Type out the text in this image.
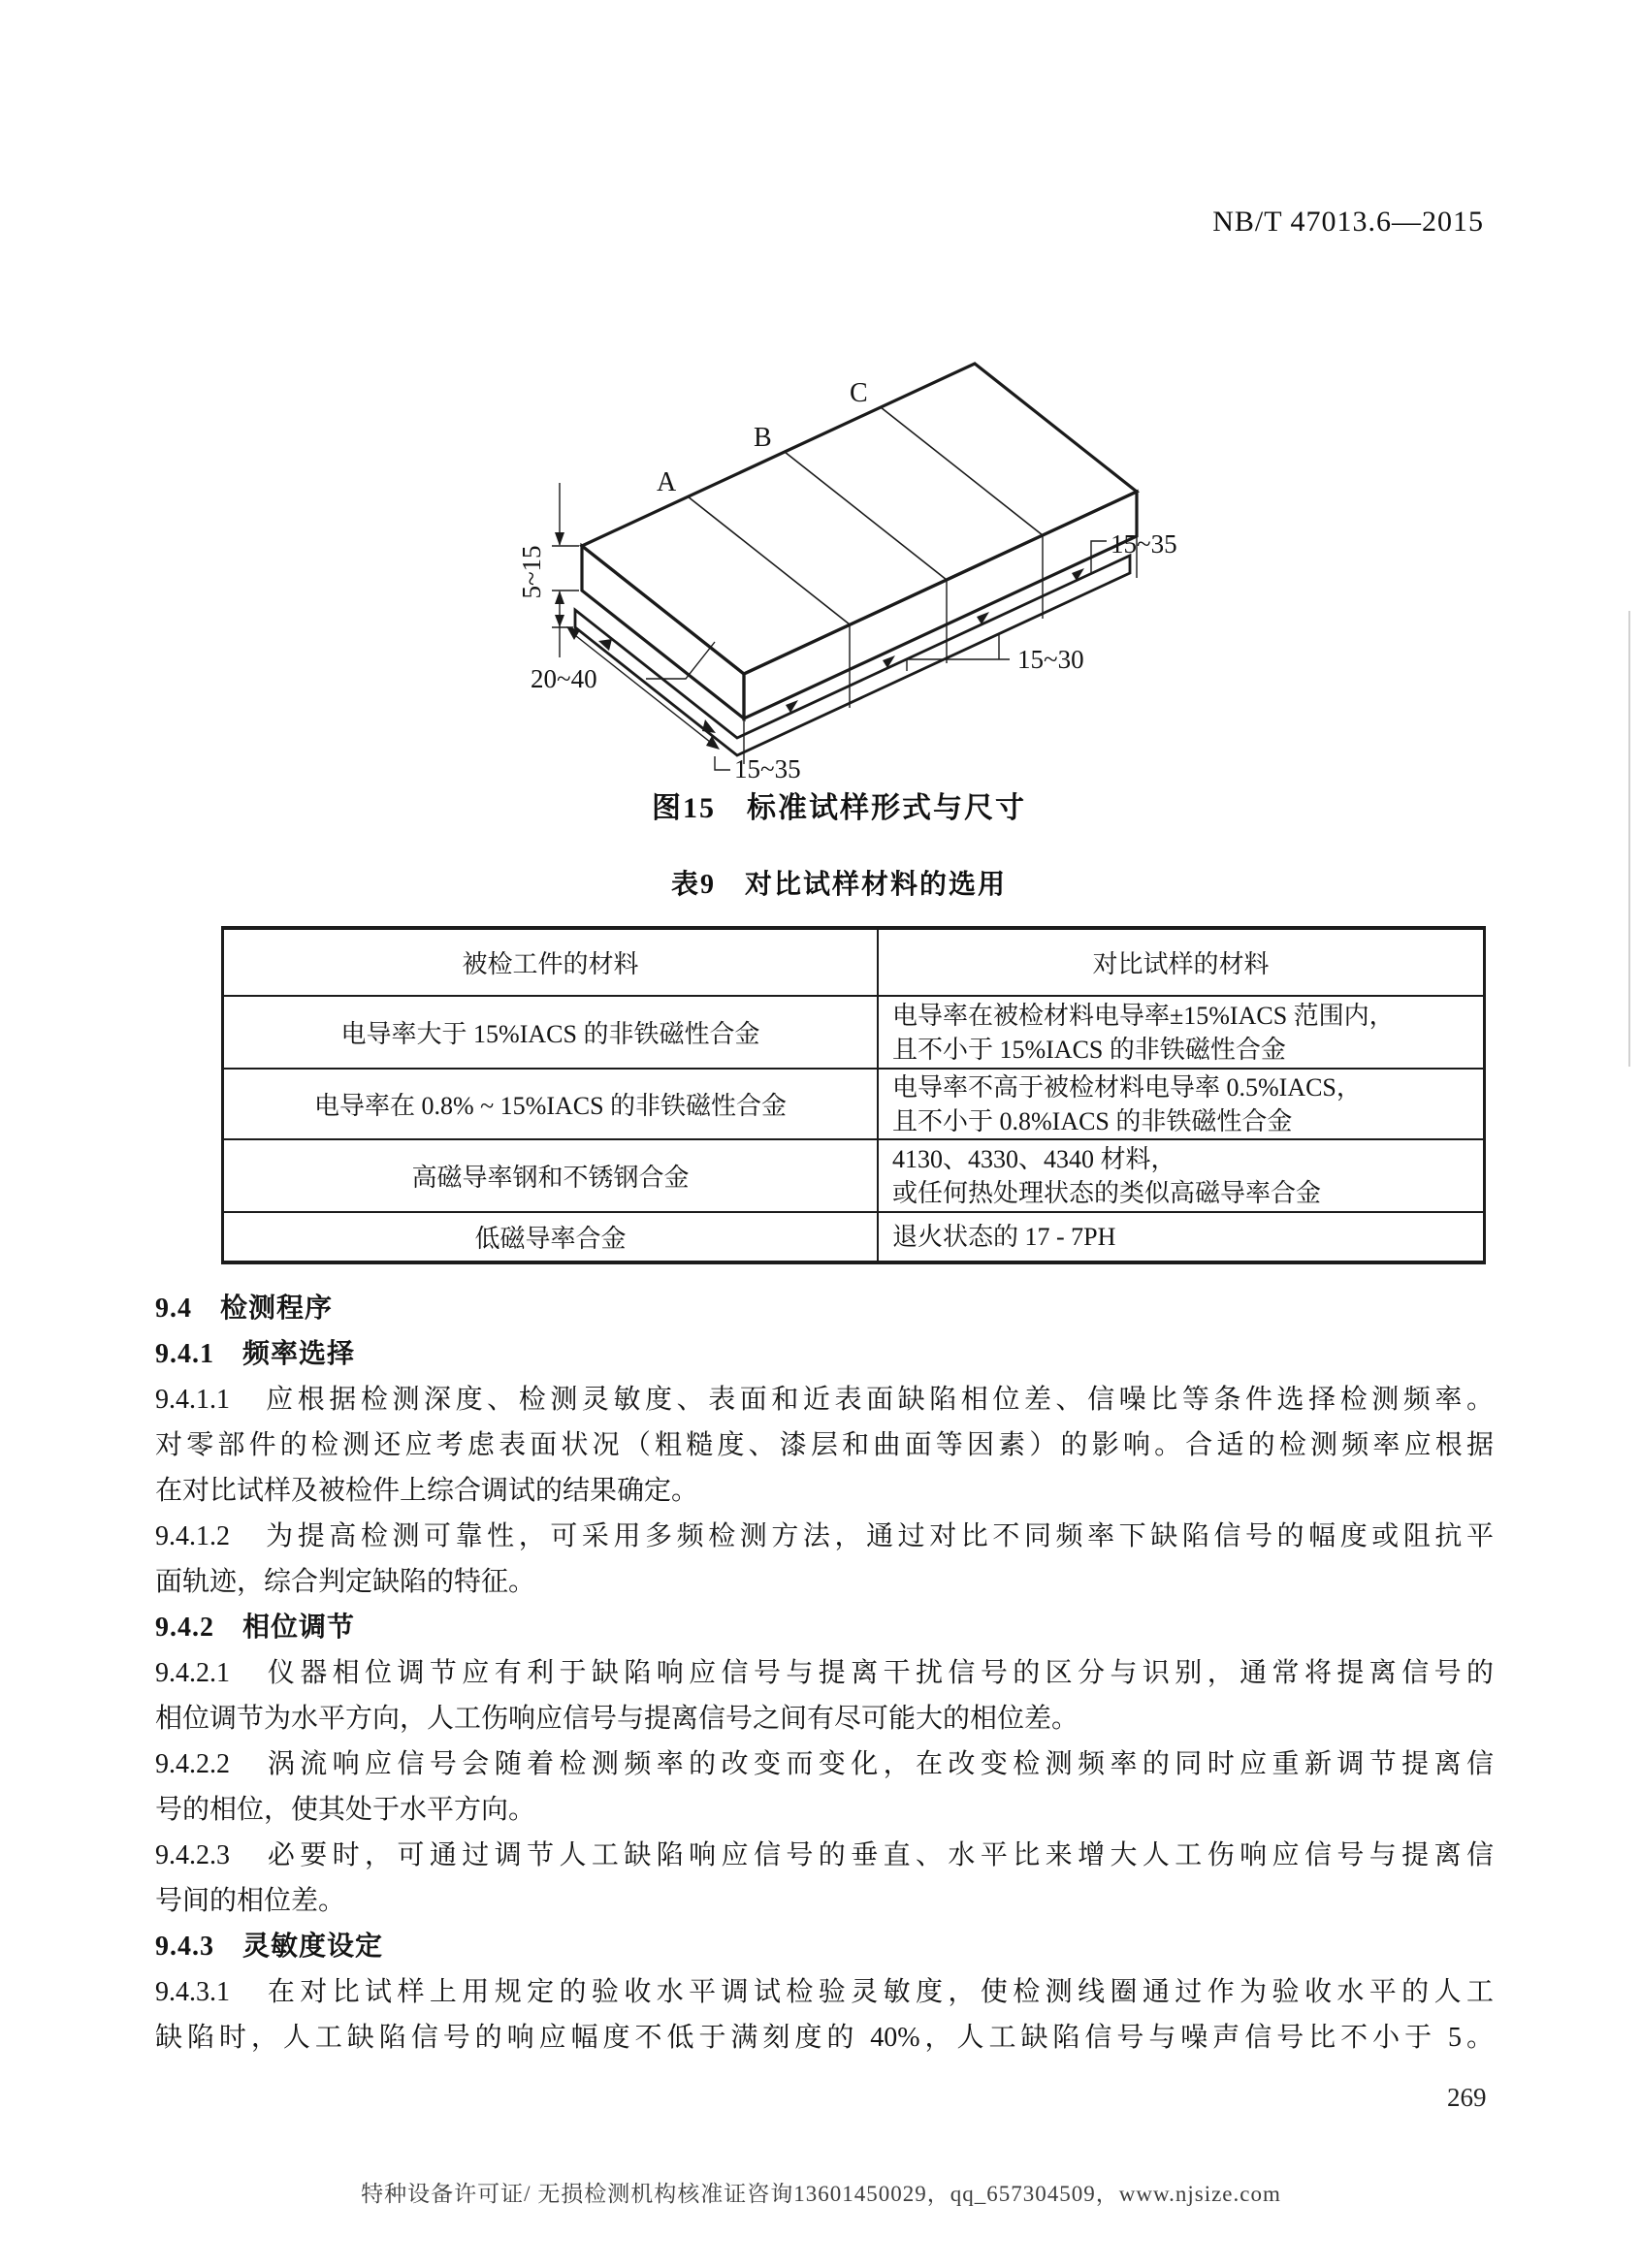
NB/T 47013.6—2015
5~15
20~40
15~35
15~30
15~35
A
B
C
图15　标准试样形式与尺寸
表9　对比试样材料的选用
被检工件的材料	对比试样的材料
电导率大于 15%IACS 的非铁磁性合金	电导率在被检材料电导率±15%IACS 范围内，
且不小于 15%IACS 的非铁磁性合金

电导率在 0.8% ~ 15%IACS 的非铁磁性合金	电导率不高于被检材料电导率 0.5%IACS，
且不小于 0.8%IACS 的非铁磁性合金

高磁导率钢和不锈钢合金	4130、4330、4340 材料，
或任何热处理状态的类似高磁导率合金

低磁导率合金	退火状态的 17 - 7PH
9.4　检测程序
9.4.1　频率选择
9.4.1.1　应根据检测深度、检测灵敏度、表面和近表面缺陷相位差、信噪比等条件选择检测频率。
对零部件的检测还应考虑表面状况（粗糙度、漆层和曲面等因素）的影响。合适的检测频率应根据
在对比试样及被检件上综合调试的结果确定。
9.4.1.2　为提高检测可靠性，可采用多频检测方法，通过对比不同频率下缺陷信号的幅度或阻抗平
面轨迹，综合判定缺陷的特征。
9.4.2　相位调节
9.4.2.1　仪器相位调节应有利于缺陷响应信号与提离干扰信号的区分与识别，通常将提离信号的
相位调节为水平方向，人工伤响应信号与提离信号之间有尽可能大的相位差。
9.4.2.2　涡流响应信号会随着检测频率的改变而变化，在改变检测频率的同时应重新调节提离信
号的相位，使其处于水平方向。
9.4.2.3　必要时，可通过调节人工缺陷响应信号的垂直、水平比来增大人工伤响应信号与提离信
号间的相位差。
9.4.3　灵敏度设定
9.4.3.1　在对比试样上用规定的验收水平调试检验灵敏度，使检测线圈通过作为验收水平的人工
缺陷时，人工缺陷信号的响应幅度不低于满刻度的 40%，人工缺陷信号与噪声信号比不小于 5。
269
特种设备许可证/ 无损检测机构核准证咨询13601450029，qq_657304509，www.njsize.com
